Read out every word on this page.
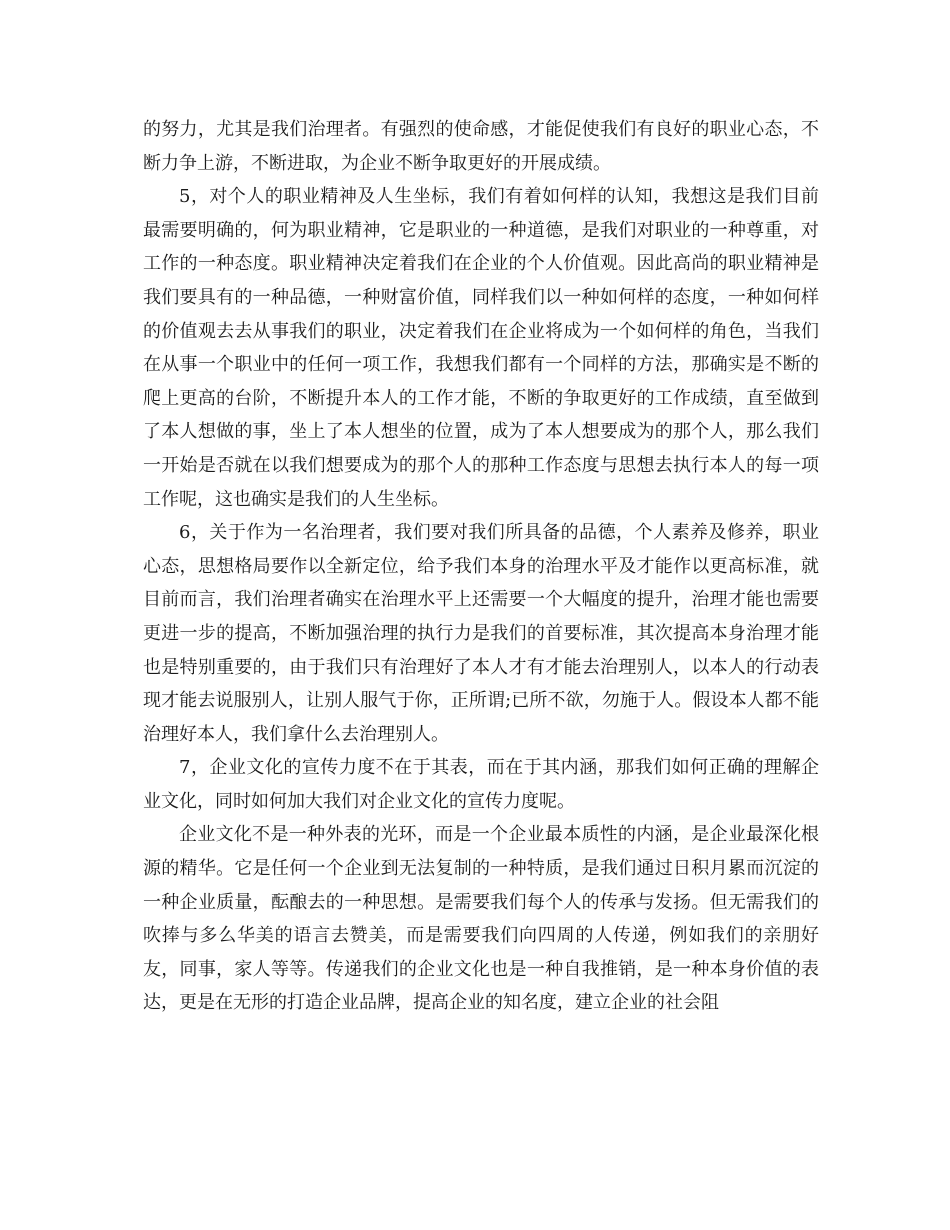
的努力，尤其是我们治理者。有强烈的使命感，才能促使我们有良好的职业心态，不断力争上游，不断进取，为企业不断争取更好的开展成绩。

5，对个人的职业精神及人生坐标，我们有着如何样的认知，我想这是我们目前最需要明确的，何为职业精神，它是职业的一种道德，是我们对职业的一种尊重，对工作的一种态度。职业精神决定着我们在企业的个人价值观。因此高尚的职业精神是我们要具有的一种品德，一种财富价值，同样我们以一种如何样的态度，一种如何样的价值观去去从事我们的职业，决定着我们在企业将成为一个如何样的角色，当我们在从事一个职业中的任何一项工作，我想我们都有一个同样的方法，那确实是不断的爬上更高的台阶，不断提升本人的工作才能，不断的争取更好的工作成绩，直至做到了本人想做的事，坐上了本人想坐的位置，成为了本人想要成为的那个人，那么我们一开始是否就在以我们想要成为的那个人的那种工作态度与思想去执行本人的每一项工作呢，这也确实是我们的人生坐标。

6，关于作为一名治理者，我们要对我们所具备的品德，个人素养及修养，职业心态，思想格局要作以全新定位，给予我们本身的治理水平及才能作以更高标准，就目前而言，我们治理者确实在治理水平上还需要一个大幅度的提升，治理才能也需要更进一步的提高，不断加强治理的执行力是我们的首要标准，其次提高本身治理才能也是特别重要的，由于我们只有治理好了本人才有才能去治理别人，以本人的行动表现才能去说服别人，让别人服气于你，正所谓;已所不欲，勿施于人。假设本人都不能治理好本人，我们拿什么去治理别人。

7，企业文化的宣传力度不在于其表，而在于其内涵，那我们如何正确的理解企业文化，同时如何加大我们对企业文化的宣传力度呢。

企业文化不是一种外表的光环，而是一个企业最本质性的内涵，是企业最深化根源的精华。它是任何一个企业到无法复制的一种特质，是我们通过日积月累而沉淀的一种企业质量，酝酿去的一种思想。是需要我们每个人的传承与发扬。但无需我们的吹捧与多么华美的语言去赞美，而是需要我们向四周的人传递，例如我们的亲朋好友，同事，家人等等。传递我们的企业文化也是一种自我推销，是一种本身价值的表达，更是在无形的打造企业品牌，提高企业的知名度，建立企业的社会阻
